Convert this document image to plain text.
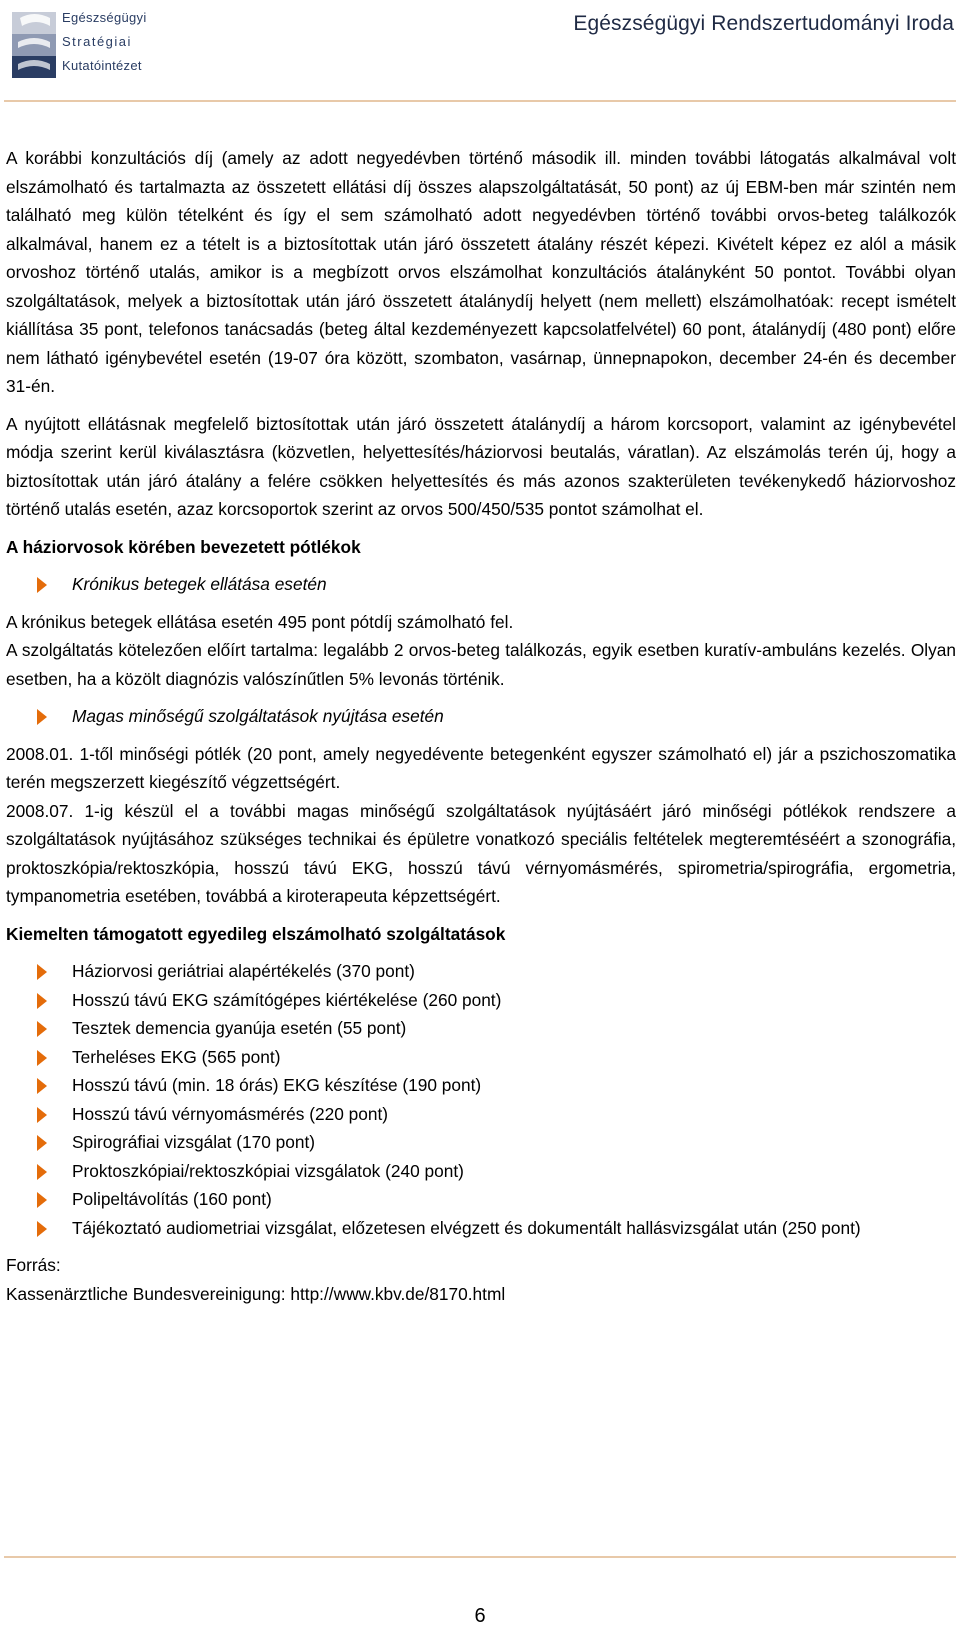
Egészségügyi
Stratégiai
Kutatóintézet
Egészségügyi Rendszertudományi Iroda

A korábbi konzultációs díj (amely az adott negyedévben történő második ill. minden további látogatás alkalmával volt elszámolható és tartalmazta az összetett ellátási díj összes alapszolgáltatását, 50 pont) az új EBM-ben már szintén nem található meg külön tételként és így el sem számolható adott negyedévben történő további orvos-beteg találkozók alkalmával, hanem ez a tételt is a biztosítottak után járó összetett átalány részét képezi. Kivételt képez ez alól a másik orvoshoz történő utalás, amikor is a megbízott orvos elszámolhat konzultációs átalányként 50 pontot. További olyan szolgáltatások, melyek a biztosítottak után járó összetett átalánydíj helyett (nem mellett) elszámolhatóak: recept ismételt kiállítása 35 pont, telefonos tanácsadás (beteg által kezdeményezett kapcsolatfelvétel) 60 pont, átalánydíj (480 pont) előre nem látható igénybevétel esetén (19-07 óra között, szombaton, vasárnap, ünnepnapokon, december 24-én és december 31-én.

A nyújtott ellátásnak megfelelő biztosítottak után járó összetett átalánydíj a három korcsoport, valamint az igénybevétel módja szerint kerül kiválasztásra (közvetlen, helyettesítés/háziorvosi beutalás, váratlan). Az elszámolás terén új, hogy a biztosítottak után járó átalány a felére csökken helyettesítés és más azonos szakterületen tevékenykedő háziorvoshoz történő utalás esetén, azaz korcsoportok szerint az orvos 500/450/535 pontot számolhat el.

A háziorvosok körében bevezetett pótlékok

Krónikus betegek ellátása esetén

A krónikus betegek ellátása esetén 495 pont pótdíj számolható fel.

A szolgáltatás kötelezően előírt tartalma: legalább 2 orvos-beteg találkozás, egyik esetben kuratív-ambuláns kezelés. Olyan esetben, ha a közölt diagnózis valószínűtlen 5% levonás történik.

Magas minőségű szolgáltatások nyújtása esetén

2008.01. 1-től minőségi pótlék (20 pont, amely negyedévente betegenként egyszer számolható el) jár a pszichoszomatika terén megszerzett kiegészítő végzettségért.

2008.07. 1-ig készül el a további magas minőségű szolgáltatások nyújtásáért járó minőségi pótlékok rendszere a szolgáltatások nyújtásához szükséges technikai és épületre vonatkozó speciális feltételek megteremtéséért a szonográfia, proktoszkópia/rektoszkópia, hosszú távú EKG, hosszú távú vérnyomásmérés, spirometria/spirográfia, ergometria, tympanometria esetében, továbbá a kiroterapeuta képzettségért.

Kiemelten támogatott egyedileg elszámolható szolgáltatások

Háziorvosi geriátriai alapértékelés (370 pont)
Hosszú távú EKG számítógépes kiértékelése (260 pont)
Tesztek demencia gyanúja esetén (55 pont)
Terheléses EKG (565 pont)
Hosszú távú (min. 18 órás) EKG készítése (190 pont)
Hosszú távú vérnyomásmérés (220 pont)
Spirográfiai vizsgálat (170 pont)
Proktoszkópiai/rektoszkópiai vizsgálatok (240 pont)
Polipeltávolítás (160 pont)
Tájékoztató audiometriai vizsgálat, előzetesen elvégzett és dokumentált hallásvizsgálat után (250 pont)

Forrás:

Kassenärztliche Bundesvereinigung: http://www.kbv.de/8170.html

6
